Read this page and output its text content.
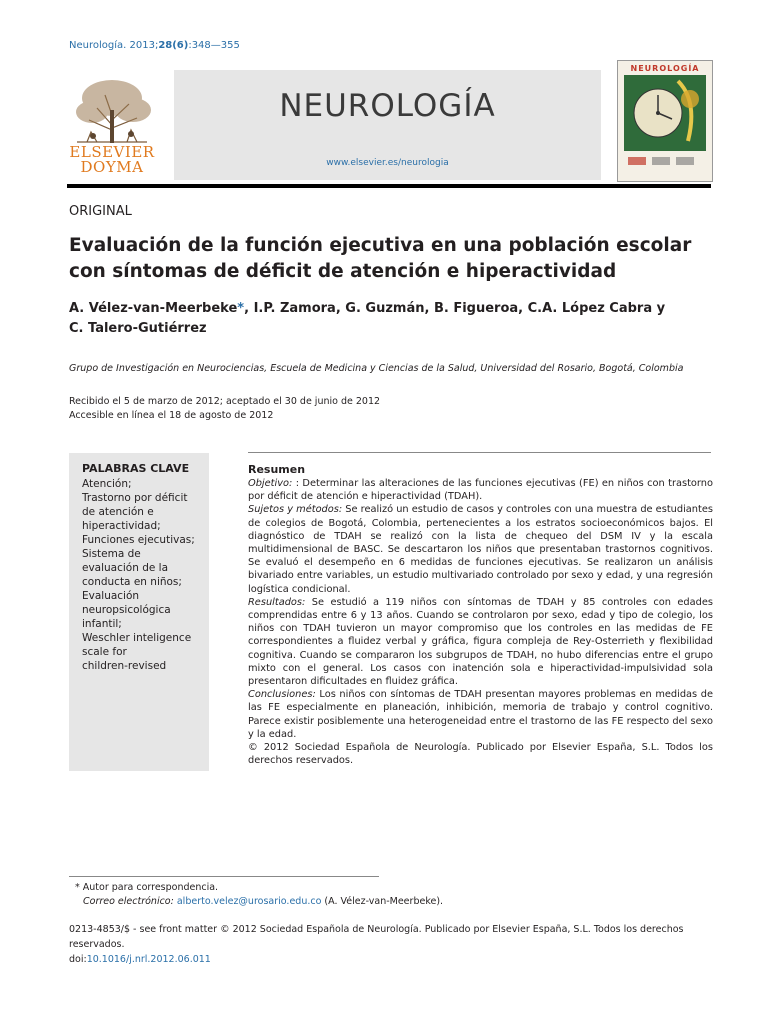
Neurología. 2013;28(6):348—355
ELSEVIER
DOYMA
NEUROLOGÍA
www.elsevier.es/neurologia
NEUROLOGÍA
ORIGINAL
Evaluación de la función ejecutiva en una población escolar con síntomas de déficit de atención e hiperactividad

A. Vélez-van-Meerbeke*, I.P. Zamora, G. Guzmán, B. Figueroa, C.A. López Cabra y
C. Talero-Gutiérrez

Grupo de Investigación en Neurociencias, Escuela de Medicina y Ciencias de la Salud, Universidad del Rosario, Bogotá, Colombia
Recibido el 5 de marzo de 2012; aceptado el 30 de junio de 2012
Accesible en línea el 18 de agosto de 2012
PALABRAS CLAVE
Atención;
Trastorno por déficit
de atención e
hiperactividad;
Funciones ejecutivas;
Sistema de
evaluación de la
conducta en niños;
Evaluación
neuropsicológica
infantil;
Weschler inteligence
scale for
children-revised
Resumen

Objetivo: : Determinar las alteraciones de las funciones ejecutivas (FE) en niños con trastorno por déficit de atención e hiperactividad (TDAH).

Sujetos y métodos: Se realizó un estudio de casos y controles con una muestra de estudiantes de colegios de Bogotá, Colombia, pertenecientes a los estratos socioeconómicos bajos. El diagnóstico de TDAH se realizó con la lista de chequeo del DSM IV y la escala multidimensional de BASC. Se descartaron los niños que presentaban trastornos cognitivos. Se evaluó el desempeño en 6 medidas de funciones ejecutivas. Se realizaron un análisis bivariado entre variables, un estudio multivariado controlado por sexo y edad, y una regresión logística condicional.

Resultados: Se estudió a 119 niños con síntomas de TDAH y 85 controles con edades comprendidas entre 6 y 13 años. Cuando se controlaron por sexo, edad y tipo de colegio, los niños con TDAH tuvieron un mayor compromiso que los controles en las medidas de FE correspondientes a fluidez verbal y gráfica, figura compleja de Rey-Osterrieth y flexibilidad cognitiva. Cuando se compararon los subgrupos de TDAH, no hubo diferencias entre el grupo mixto con el general. Los casos con inatención sola e hiperactividad-impulsividad sola presentaron dificultades en fluidez gráfica.

Conclusiones: Los niños con síntomas de TDAH presentan mayores problemas en medidas de las FE especialmente en planeación, inhibición, memoria de trabajo y control cognitivo. Parece existir posiblemente una heterogeneidad entre el trastorno de las FE respecto del sexo y la edad.

© 2012 Sociedad Española de Neurología. Publicado por Elsevier España, S.L. Todos los derechos reservados.

* Autor para correspondencia.
Correo electrónico: alberto.velez@urosario.edu.co (A. Vélez-van-Meerbeke).
0213-4853/$ - see front matter © 2012 Sociedad Española de Neurología. Publicado por Elsevier España, S.L. Todos los derechos reservados.
doi:10.1016/j.nrl.2012.06.011
